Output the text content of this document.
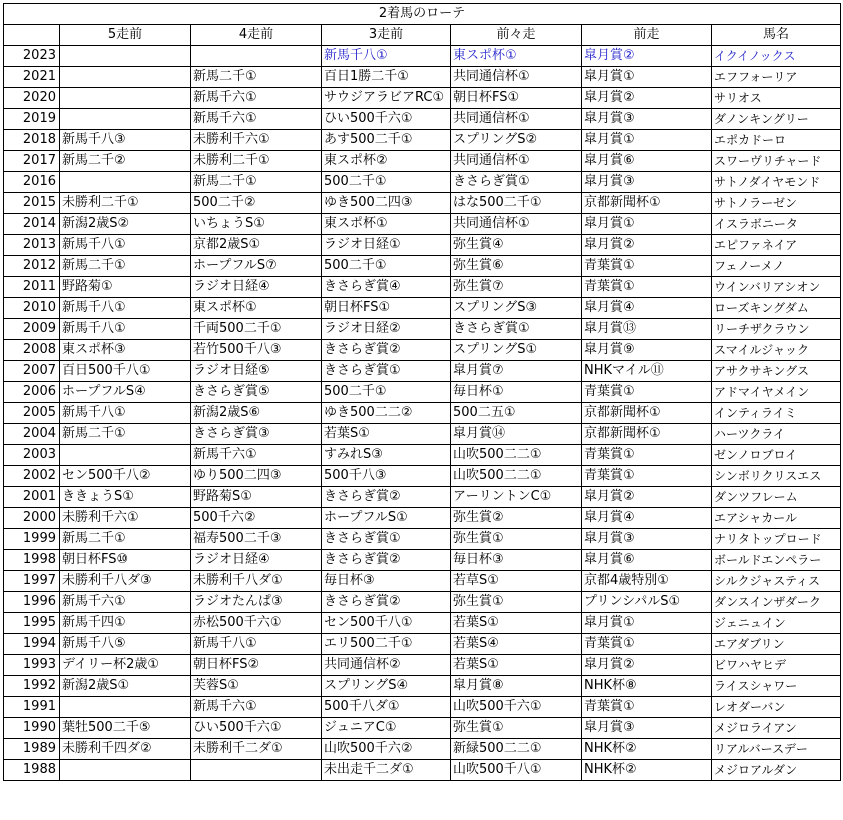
2着馬のローテ						
	5走前	4走前	3走前	前々走	前走	馬名
2023			新馬千八①	東スポ杯①	皐月賞②	イクイノックス
2021		新馬二千①	百日1勝二千①	共同通信杯①	皐月賞①	エフフォーリア
2020		新馬千六①	サウジアラビアRC①	朝日杯FS①	皐月賞②	サリオス
2019		新馬千六①	ひい500千六①	共同通信杯①	皐月賞③	ダノンキングリー
2018	新馬千八③	未勝利千六①	あす500二千①	スプリングS②	皐月賞①	エポカドーロ
2017	新馬二千②	未勝利二千①	東スポ杯②	共同通信杯①	皐月賞⑥	スワーヴリチャード
2016		新馬二千①	500二千①	きさらぎ賞①	皐月賞③	サトノダイヤモンド
2015	未勝利二千①	500二千②	ゆき500二四③	はな500二千①	京都新聞杯①	サトノラーゼン
2014	新潟2歳S②	いちょうS①	東スポ杯①	共同通信杯①	皐月賞①	イスラボニータ
2013	新馬千八①	京都2歳S①	ラジオ日経①	弥生賞④	皐月賞②	エピファネイア
2012	新馬二千①	ホープフルS⑦	500二千①	弥生賞⑥	青葉賞①	フェノーメノ
2011	野路菊①	ラジオ日経④	きさらぎ賞④	弥生賞⑦	青葉賞①	ウインバリアシオン
2010	新馬千八①	東スポ杯①	朝日杯FS①	スプリングS③	皐月賞④	ローズキングダム
2009	新馬千八①	千両500二千①	ラジオ日経②	きさらぎ賞①	皐月賞⑬	リーチザクラウン
2008	東スポ杯③	若竹500千八③	きさらぎ賞②	スプリングS①	皐月賞⑨	スマイルジャック
2007	百日500千八①	ラジオ日経⑤	きさらぎ賞①	皐月賞⑦	NHKマイル⑪	アサクサキングス
2006	ホープフルS④	きさらぎ賞⑤	500二千①	毎日杯①	青葉賞①	アドマイヤメイン
2005	新馬千八①	新潟2歳S⑥	ゆき500二二②	500二五①	京都新聞杯①	インティライミ
2004	新馬二千①	きさらぎ賞③	若葉S①	皐月賞⑭	京都新聞杯①	ハーツクライ
2003		新馬千六①	すみれS③	山吹500二二①	青葉賞①	ゼンノロブロイ
2002	セン500千八②	ゆり500二四③	500千八③	山吹500二二①	青葉賞①	シンボリクリスエス
2001	ききょうS①	野路菊S①	きさらぎ賞②	アーリントンC①	皐月賞②	ダンツフレーム
2000	未勝利千六①	500千六②	ホープフルS①	弥生賞②	皐月賞④	エアシャカール
1999	新馬二千①	福寿500二千③	きさらぎ賞①	弥生賞①	皐月賞③	ナリタトップロード
1998	朝日杯FS⑩	ラジオ日経④	きさらぎ賞②	毎日杯③	皐月賞⑥	ボールドエンペラー
1997	未勝利千八ダ③	未勝利千八ダ①	毎日杯③	若草S①	京都4歳特別①	シルクジャスティス
1996	新馬千六①	ラジオたんぱ③	きさらぎ賞②	弥生賞①	プリンシパルS①	ダンスインザダーク
1995	新馬千四①	赤松500千六①	セン500千八①	若葉S①	皐月賞①	ジェニュイン
1994	新馬千八⑤	新馬千八①	エリ500二千①	若葉S④	青葉賞①	エアダブリン
1993	デイリー杯2歳①	朝日杯FS②	共同通信杯②	若葉S①	皐月賞②	ビワハヤヒデ
1992	新潟2歳S①	芙蓉S①	スプリングS④	皐月賞⑧	NHK杯⑧	ライスシャワー
1991		新馬千六①	500千八ダ①	山吹500千六①	青葉賞①	レオダーバン
1990	葉牡500二千⑤	ひい500千六①	ジュニアC①	弥生賞①	皐月賞③	メジロライアン
1989	未勝利千四ダ②	未勝利千二ダ①	山吹500千六②	新緑500二二①	NHK杯②	リアルバースデー
1988			未出走千二ダ①	山吹500千八①	NHK杯②	メジロアルダン
